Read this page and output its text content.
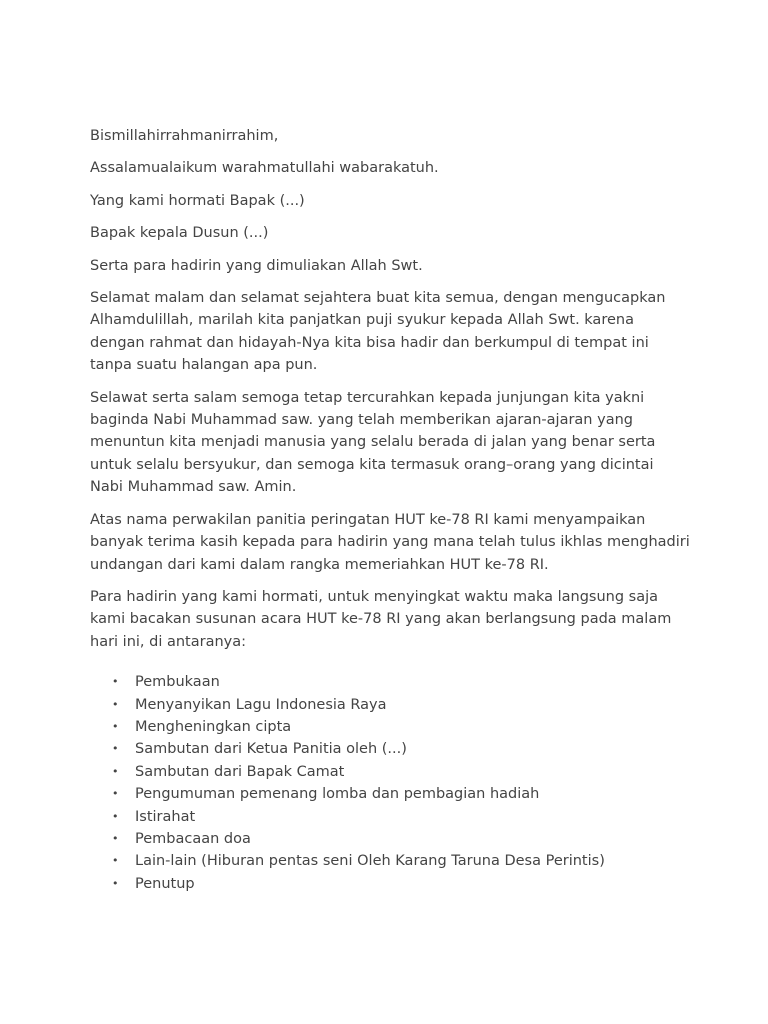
Bismillahirrahmanirrahim,

Assalamualaikum warahmatullahi wabarakatuh.

Yang kami hormati Bapak (...)

Bapak kepala Dusun (...)

Serta para hadirin yang dimuliakan Allah Swt.

Selamat malam dan selamat sejahtera buat kita semua, dengan mengucapkan Alhamdulillah, marilah kita panjatkan puji syukur kepada Allah Swt. karena dengan rahmat dan hidayah-Nya kita bisa hadir dan berkumpul di tempat ini tanpa suatu halangan apa pun.

Selawat serta salam semoga tetap tercurahkan kepada junjungan kita yakni baginda Nabi Muhammad saw. yang telah memberikan ajaran-ajaran yang menuntun kita menjadi manusia yang selalu berada di jalan yang benar serta untuk selalu bersyukur, dan semoga kita termasuk orang–orang yang dicintai Nabi Muhammad saw. Amin.

Atas nama perwakilan panitia peringatan HUT ke-78 RI kami menyampaikan banyak terima kasih kepada para hadirin yang mana telah tulus ikhlas menghadiri undangan dari kami dalam rangka memeriahkan HUT ke-78 RI.

Para hadirin yang kami hormati, untuk menyingkat waktu maka langsung saja kami bacakan susunan acara HUT ke-78 RI yang akan berlangsung pada malam hari ini, di antaranya:

• Pembukaan
• Menyanyikan Lagu Indonesia Raya
• Mengheningkan cipta
• Sambutan dari Ketua Panitia oleh (...)
• Sambutan dari Bapak Camat
• Pengumuman pemenang lomba dan pembagian hadiah
• Istirahat
• Pembacaan doa
• Lain-lain (Hiburan pentas seni Oleh Karang Taruna Desa Perintis)
• Penutup
